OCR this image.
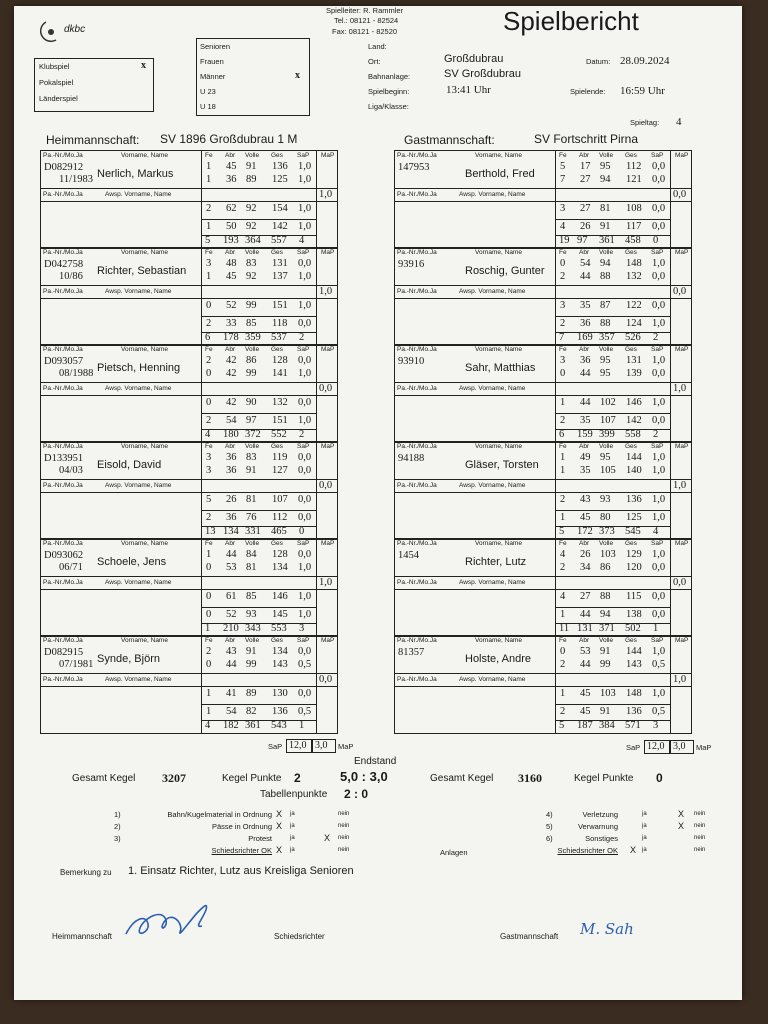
dkbc
Spielleiter: R. Rammler
Tel.: 08121 - 82524
Fax: 08121 - 82520	Spielbericht
Klubspiel	x
Pokalspiel
Länderspiel
Senioren
Frauen
Männer	x
U 23
U 18
Land:
Ort:	Großdubrau	Datum: 28.09.2024
Bahnanlage:	SV Großdubrau
Spielbeginn:	13:41 Uhr	Spielende: 16:59 Uhr
Liga/Klasse:
Spieltag: 4
Heimmannschaft: SV 1896 Großdubrau 1 M	Gastmannschaft:	SV Fortschritt Pirna
Pa.-Nr./Mo.Ja	Vorname, Name	Fe Abr Volle Ges SaP MaP
Pa.-Nr./Mo.Ja	Awsp. Vorname, Name
D082912
11/1983 Nerlich, Markus
1 45 91 136 1,0
1 36 89 125 1,0
2 62 92 154 1,0
1 50 92 142 1,0
1,0
5 193 364 557 4
Pa.-Nr./Mo.Ja	Vorname, Name	Fe Abr Volle Ges SaP MaP
Pa.-Nr./Mo.Ja	Awsp. Vorname, Name
D042758
10/86 Richter, Sebastian
3 48 83 131 0,0
1 45 92 137 1,0
0 52 99 151 1,0
2 33 85 118 0,0
1,0
6 178 359 537 2
Pa.-Nr./Mo.Ja	Vorname, Name	Fe Abr Volle Ges SaP MaP
Pa.-Nr./Mo.Ja	Awsp. Vorname, Name
D093057
08/1988 Pietsch, Henning
2 42 86 128 0,0
0 42 99 141 1,0
0 42 90 132 0,0
2 54 97 151 1,0
0,0
4 180 372 552 2
Pa.-Nr./Mo.Ja	Vorname, Name	Fe Abr Volle Ges SaP MaP
Pa.-Nr./Mo.Ja	Awsp. Vorname, Name
D133951
04/03 Eisold, David
3 36 83 119 0,0
3 36 91 127 0,0
5 26 81 107 0,0
2 36 76 112 0,0
0,0
13 134 331 465 0
Pa.-Nr./Mo.Ja	Vorname, Name	Fe Abr Volle Ges SaP MaP
Pa.-Nr./Mo.Ja	Awsp. Vorname, Name
D093062
06/71 Schoele, Jens
1 44 84 128 0,0
0 53 81 134 1,0
0 61 85 146 1,0
0 52 93 145 1,0
1,0
1 210 343 553 3
Pa.-Nr./Mo.Ja	Vorname, Name	Fe Abr Volle Ges SaP MaP
Pa.-Nr./Mo.Ja	Awsp. Vorname, Name
D082915
07/1981 Synde, Björn
2 43 91 134 0,0
0 44 99 143 0,5
1 41 89 130 0,0
1 54 82 136 0,5
0,0
4 182 361 543 1
Pa.-Nr./Mo.Ja	Vorname, Name	Fe Abr Volle Ges SaP MaP
Pa.-Nr./Mo.Ja	Awsp. Vorname, Name
147953
Berthold, Fred
5 17 95 112 0,0
7 27 94 121 0,0
3 27 81 108 0,0
4 26 91 117 0,0
0,0
19 97 361 458 0
Pa.-Nr./Mo.Ja	Vorname, Name	Fe Abr Volle Ges SaP MaP
Pa.-Nr./Mo.Ja	Awsp. Vorname, Name
93916
Roschig, Gunter
0 54 94 148 1,0
2 44 88 132 0,0
3 35 87 122 0,0
2 36 88 124 1,0
0,0
7 169 357 526 2
Pa.-Nr./Mo.Ja	Vorname, Name	Fe Abr Volle Ges SaP MaP
Pa.-Nr./Mo.Ja	Awsp. Vorname, Name
93910
Sahr, Matthias
3 36 95 131 1,0
0 44 95 139 0,0
1 44 102 146 1,0
2 35 107 142 0,0
1,0
6 159 399 558 2
Pa.-Nr./Mo.Ja	Vorname, Name	Fe Abr Volle Ges SaP MaP
Pa.-Nr./Mo.Ja	Awsp. Vorname, Name
94188
Gläser, Torsten
1 49 95 144 1,0
1 35 105 140 1,0
2 43 93 136 1,0
1 45 80 125 1,0
1,0
5 172 373 545 4
Pa.-Nr./Mo.Ja	Vorname, Name	Fe Abr Volle Ges SaP MaP
Pa.-Nr./Mo.Ja	Awsp. Vorname, Name
1454
Richter, Lutz
4 26 103 129 1,0
2 34 86 120 0,0
4 27 88 115 0,0
1 44 94 138 0,0
0,0
11 131 371 502 1
Pa.-Nr./Mo.Ja	Vorname, Name	Fe Abr Volle Ges SaP MaP
Pa.-Nr./Mo.Ja	Awsp. Vorname, Name
81357
Holste, Andre
0 53 91 144 1,0
2 44 99 143 0,5
1 45 103 148 1,0
2 45 91 136 0,5
1,0
5 187 384 571 3
SaP 12,0 3,0 MaP	SaP 12,0 3,0 MaP
Endstand
Gesamt Kegel 3207	Kegel Punkte 2	5,0 : 3,0	Gesamt Kegel 3160	Kegel Punkte 0
Tabellenpunkte 2 : 0
1)	Bahn/Kugelmaterial in Ordnung X ja	nein
2)	Pässe in Ordnung X ja	nein
3)	Protest	ja	X nein
Schiedsrichter OK X ja	nein
4)	Verletzung	ja	X nein
5)	Verwarnung	ja	X nein
6)	Sonstiges	ja	nein
Schiedsrichter OK X ja	nein
Anlagen
Bemerkung zu 1. Einsatz Richter, Lutz aus Kreisliga Senioren
Heimmannschaft	Schiedsrichter	Gastmannschaft M. Sah
